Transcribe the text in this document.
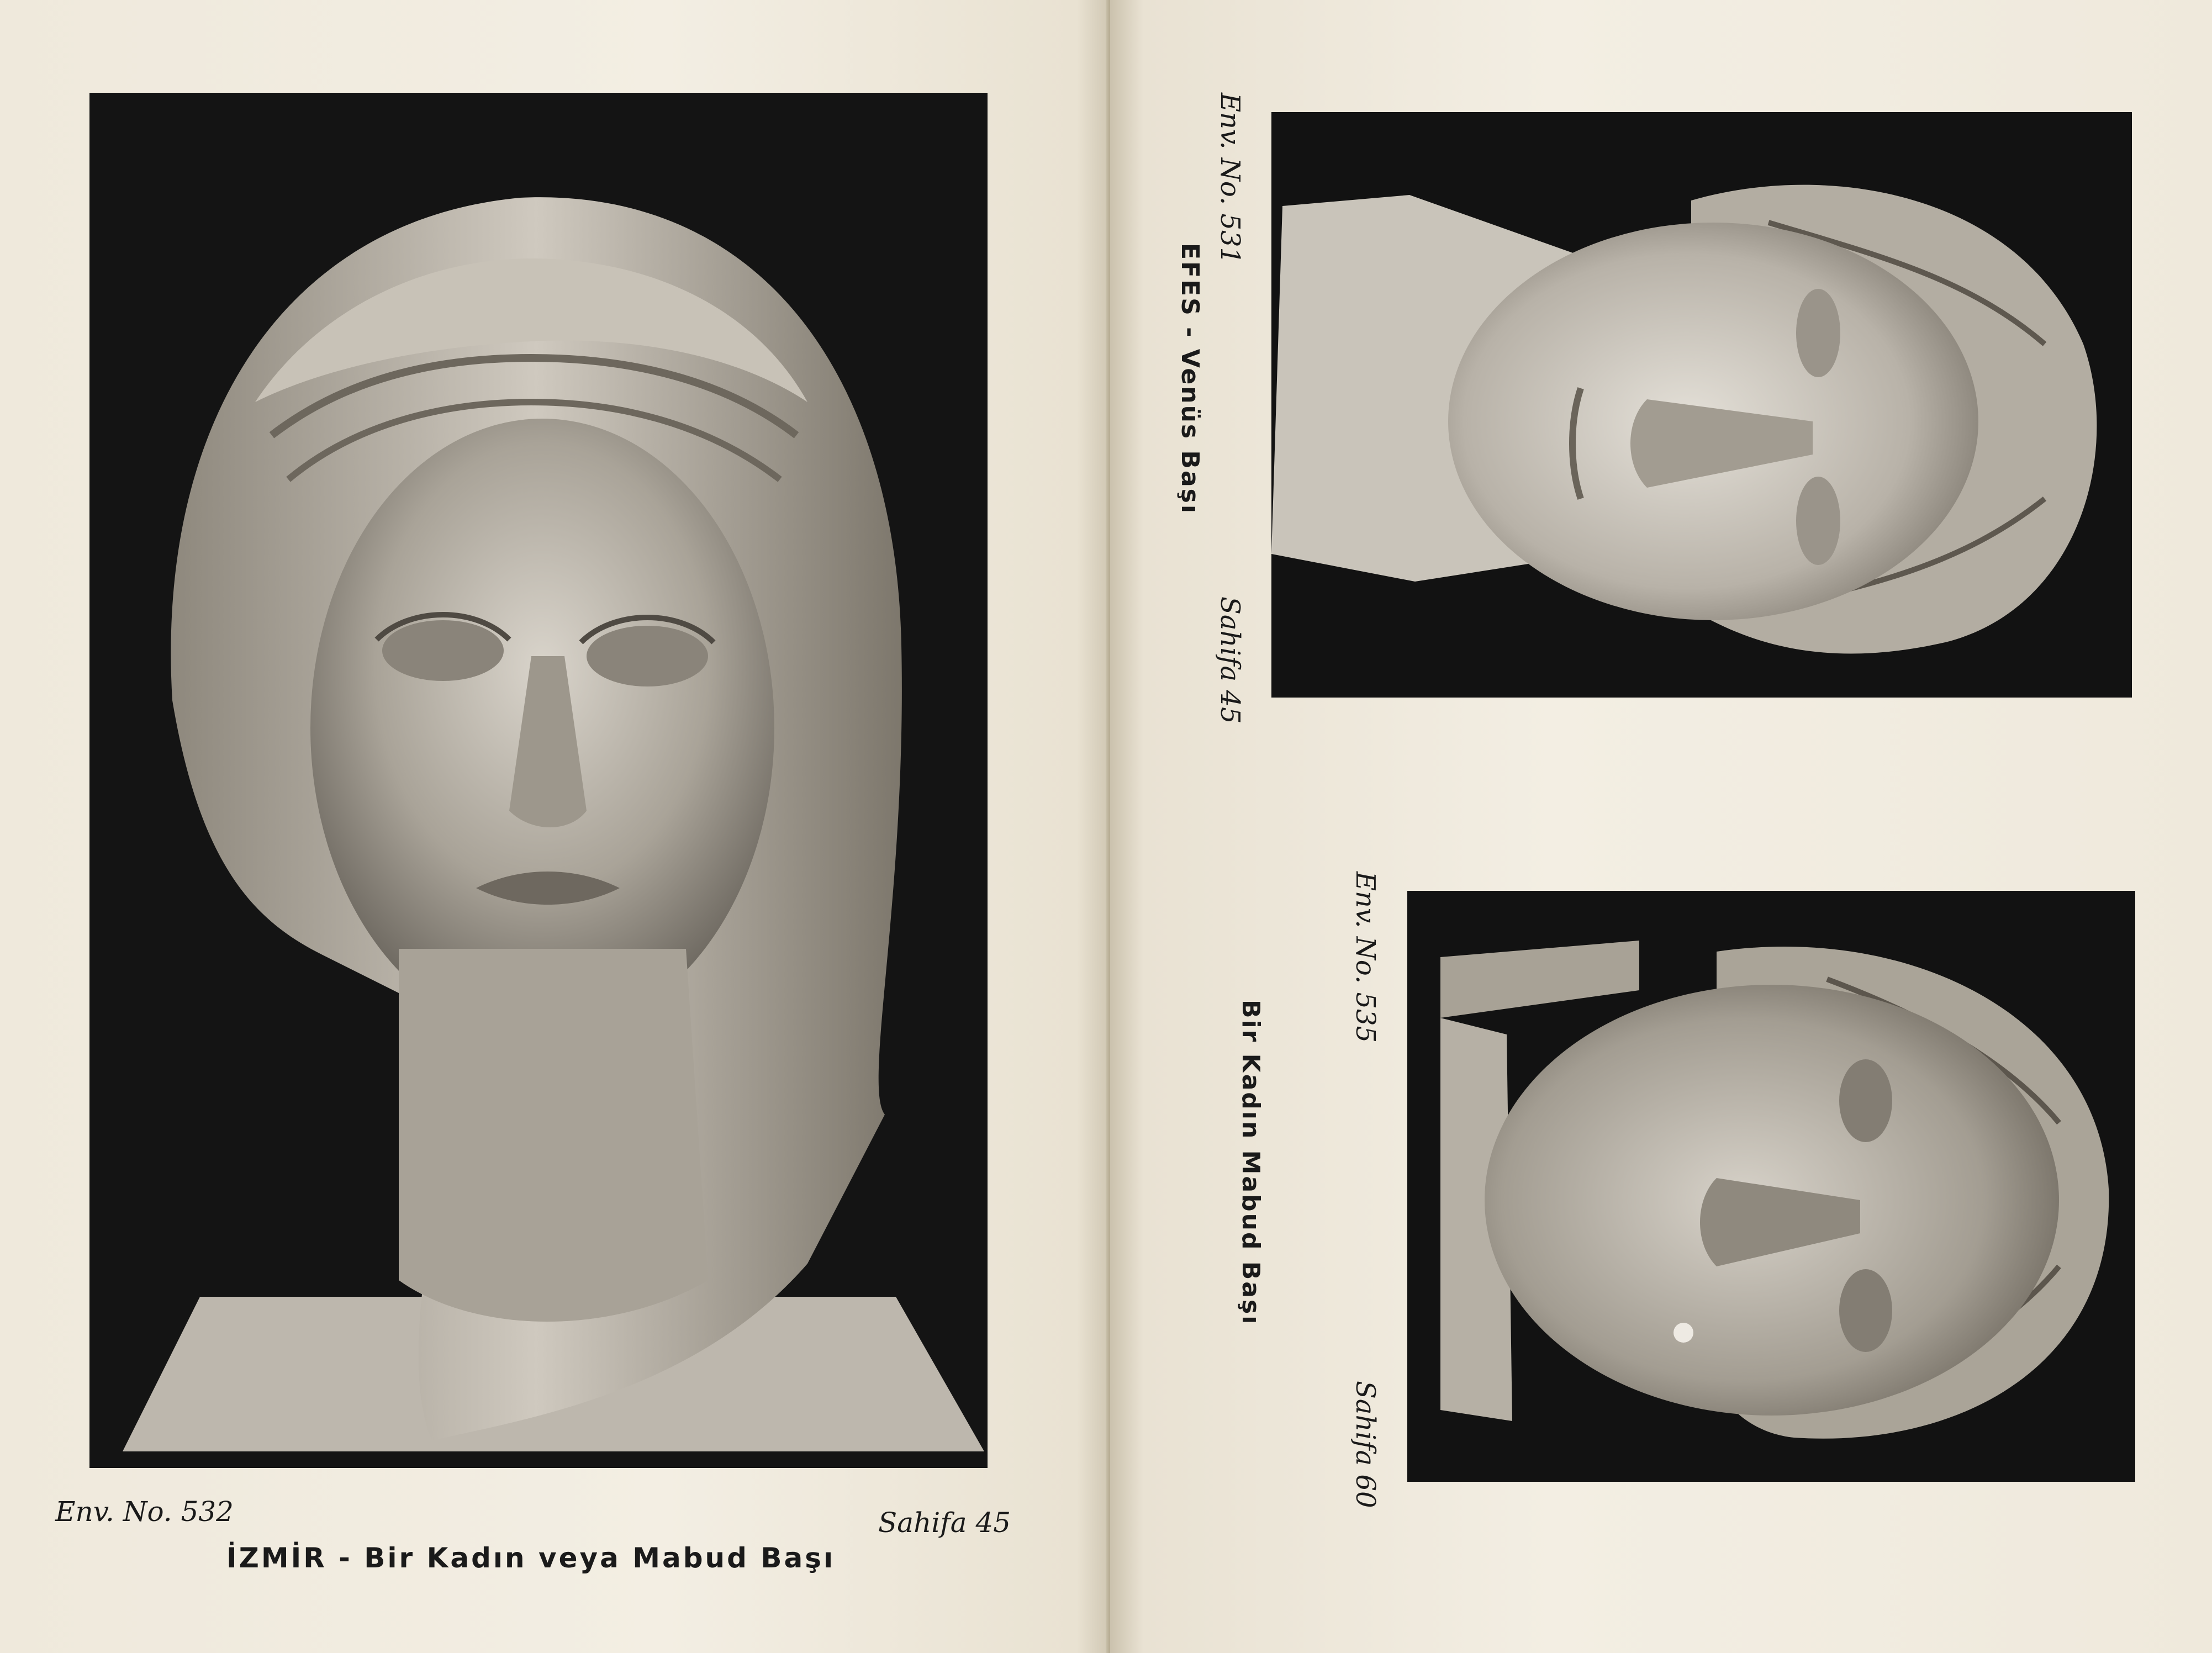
Env. No. 532	Sahifa 45
İZMİR - Bir Kadın veya Mabud Başı
Env. No. 531
EFES - Venüs Başı
Sahifa 45
Env. No. 535
Bir Kadın Mabud Başı
Sahifa 60
